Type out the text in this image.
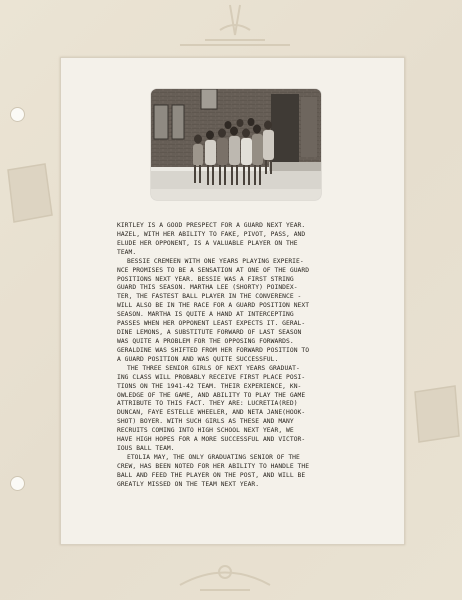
KIRTLEY IS A GOOD PRESPECT FOR A GUARD NEXT YEAR.
HAZEL, WITH HER ABILITY TO FAKE, PIVOT, PASS, AND
ELUDE HER OPPONENT, IS A VALUABLE PLAYER ON THE
TEAM.

BESSIE CREMEEN WITH ONE YEARS PLAYING EXPERIE-
NCE PROMISES TO BE A SENSATION AT ONE OF THE GUARD
POSITIONS NEXT YEAR. BESSIE WAS A FIRST STRING
GUARD THIS SEASON. MARTHA LEE (SHORTY) POINDEX-
TER, THE FASTEST BALL PLAYER IN THE CONVERENCE -
WILL ALSO BE IN THE RACE FOR A GUARD POSITION NEXT
SEASON. MARTHA IS QUITE A HAND AT INTERCEPTING
PASSES WHEN HER OPPONENT LEAST EXPECTS IT. GERAL-
DINE LEMONS, A SUBSTITUTE FORWARD OF LAST SEASON
WAS QUITE A PROBLEM FOR THE OPPOSING FORWARDS.
GERALDINE WAS SHIFTED FROM HER FORWARD POSITION TO
A GUARD POSITION AND WAS QUITE SUCCESSFUL.

THE THREE SENIOR GIRLS OF NEXT YEARS GRADUAT-
ING CLASS WILL PROBABLY RECEIVE FIRST PLACE POSI-
TIONS ON THE 1941-42 TEAM. THEIR EXPERIENCE, KN-
OWLEDGE OF THE GAME, AND ABILITY TO PLAY THE GAME
ATTRIBUTE TO THIS FACT. THEY ARE: LUCRETIA(RED)
DUNCAN, FAYE ESTELLE WHEELER, AND NETA JANE(HOOK-
SHOT) BOYER. WITH SUCH GIRLS AS THESE AND MANY
RECRUITS COMING INTO HIGH SCHOOL NEXT YEAR, WE
HAVE HIGH HOPES FOR A MORE SUCCESSFUL AND VICTOR-
IOUS BALL TEAM.

ETOLIA MAY, THE ONLY GRADUATING SENIOR OF THE
CREW, HAS BEEN NOTED FOR HER ABILITY TO HANDLE THE
BALL AND FEED THE PLAYER ON THE POST, AND WILL BE
GREATLY MISSED ON THE TEAM NEXT YEAR.
